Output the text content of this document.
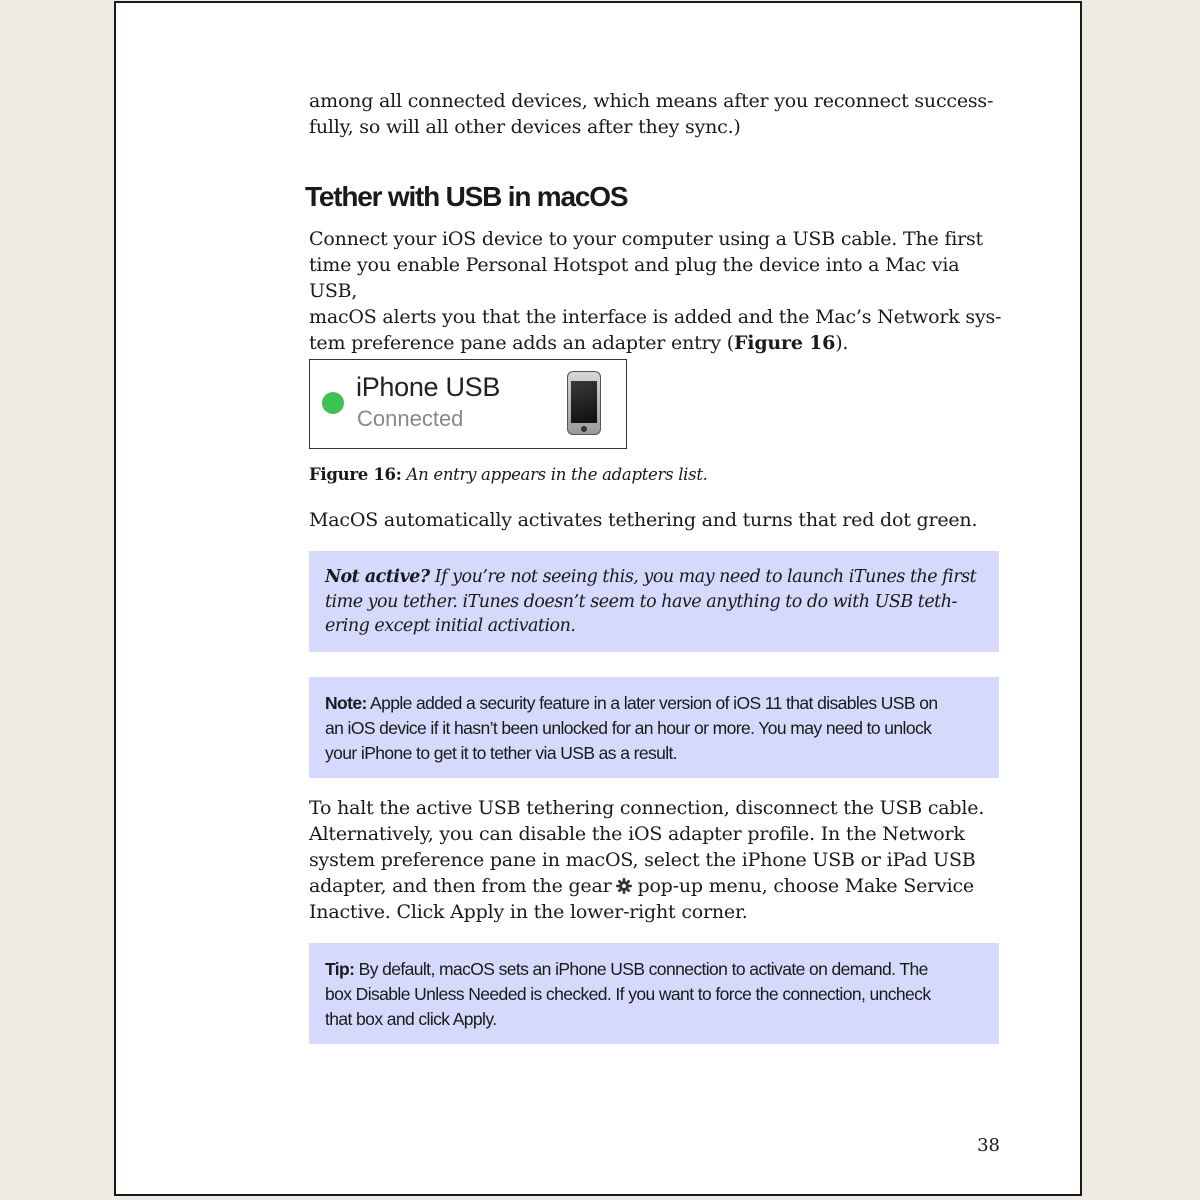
among all connected devices, which means after you reconnect success-
fully, so will all other devices after they sync.)
Tether with USB in macOS
Connect your iOS device to your computer using a USB cable. The first
time you enable Personal Hotspot and plug the device into a Mac via USB,
macOS alerts you that the interface is added and the Mac’s Network sys-
tem preference pane adds an adapter entry (Figure 16).
iPhone USB
Connected

Figure 16: An entry appears in the adapters list.

MacOS automatically activates tethering and turns that red dot green.
Not active? If you’re not seeing this, you may need to launch iTunes the first
time you tether. iTunes doesn’t seem to have anything to do with USB teth-
ering except initial activation.
Note: Apple added a security feature in a later version of iOS 11 that disables USB on
an iOS device if it hasn’t been unlocked for an hour or more. You may need to unlock
your iPhone to get it to tether via USB as a result.
To halt the active USB tethering connection, disconnect the USB cable.
Alternatively, you can disable the iOS adapter profile. In the Network
system preference pane in macOS, select the iPhone USB or iPad USB
adapter, and then from the gear pop-up menu, choose Make Service
Inactive. Click Apply in the lower-right corner.
Tip: By default, macOS sets an iPhone USB connection to activate on demand. The
box Disable Unless Needed is checked. If you want to force the connection, uncheck
that box and click Apply.
38
